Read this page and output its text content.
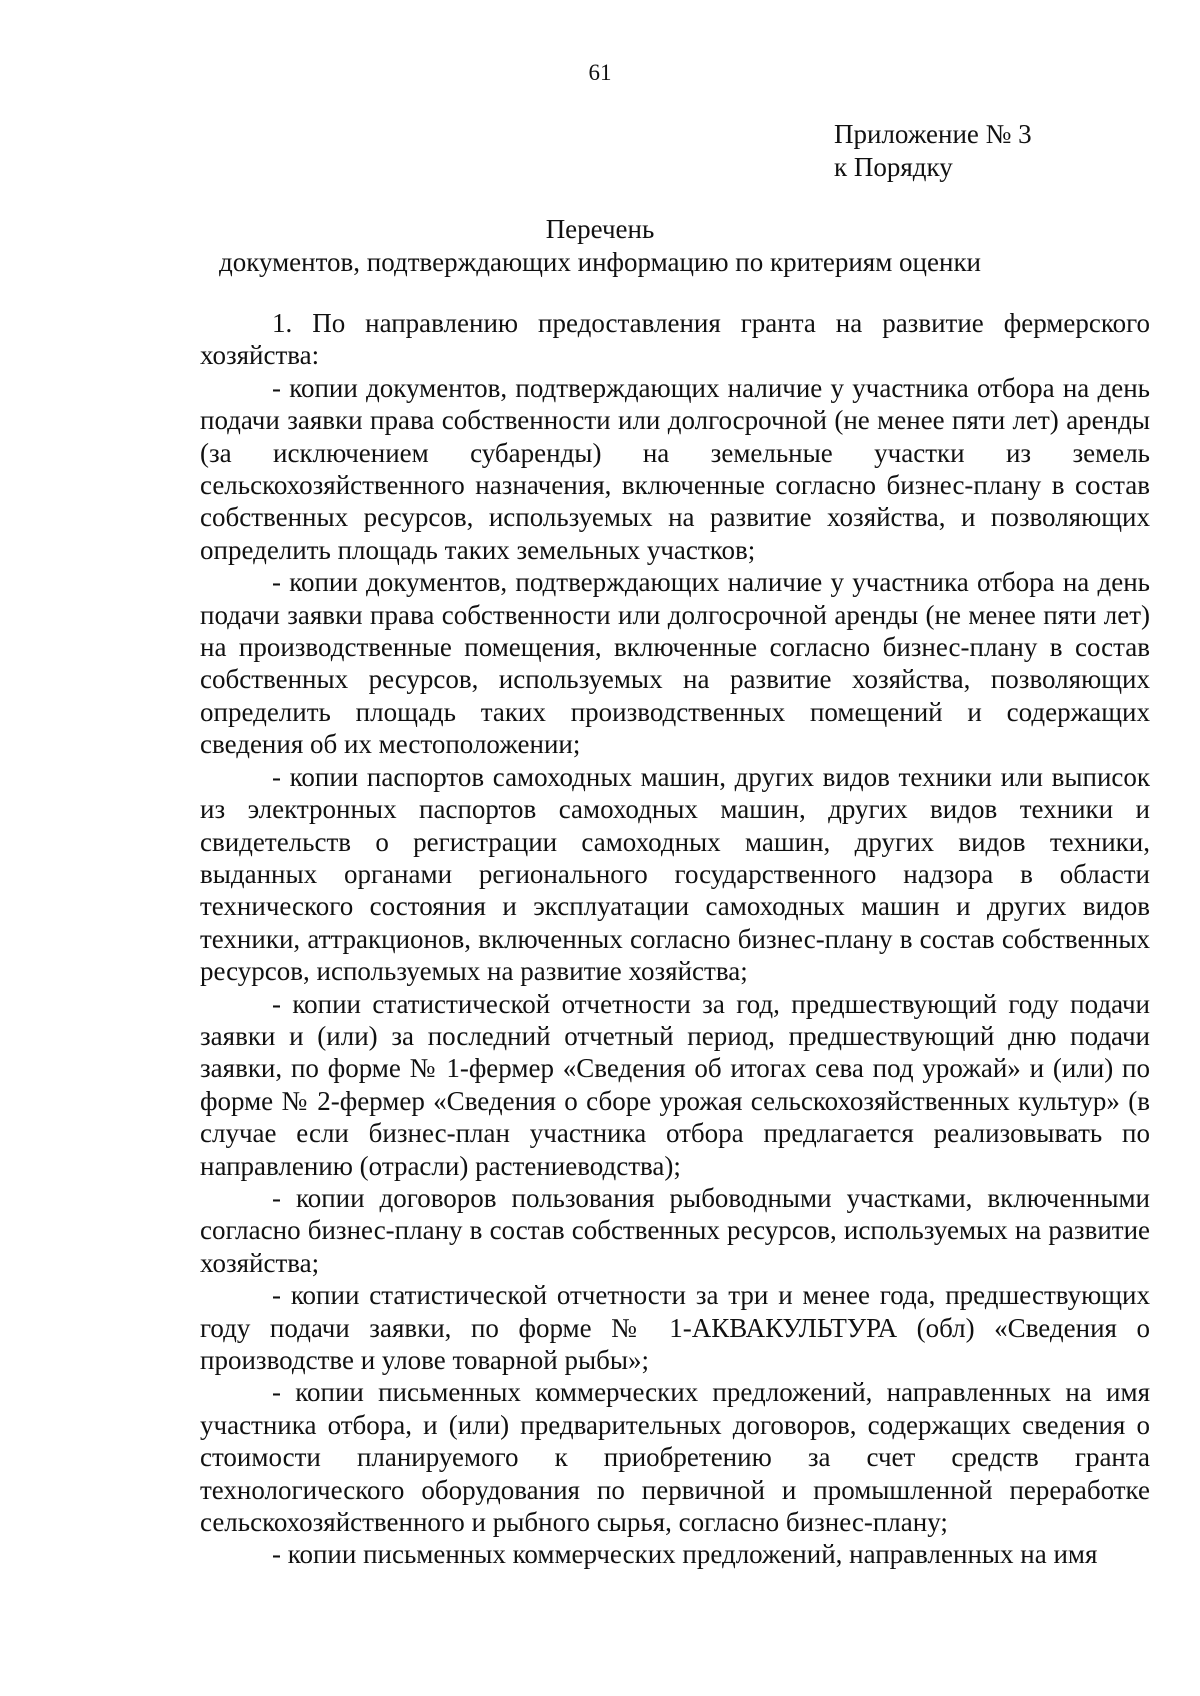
61
Приложение № 3
к Порядку
Перечень
документов, подтверждающих информацию по критериям оценки

1. По направлению предоставления гранта на развитие фермерского хозяйства:

- копии документов, подтверждающих наличие у участника отбора на день подачи заявки права собственности или долгосрочной (не менее пяти лет) аренды (за исключением субаренды) на земельные участки из земель сельскохозяйственного назначения, включенные согласно бизнес-плану в состав собственных ресурсов, используемых на развитие хозяйства, и позволяющих определить площадь таких земельных участков;

- копии документов, подтверждающих наличие у участника отбора на день подачи заявки права собственности или долгосрочной аренды (не менее пяти лет) на производственные помещения, включенные согласно бизнес-плану в состав собственных ресурсов, используемых на развитие хозяйства, позволяющих определить площадь таких производственных помещений и содержащих сведения об их местоположении;

- копии паспортов самоходных машин, других видов техники или выписок из электронных паспортов самоходных машин, других видов техники и свидетельств о регистрации самоходных машин, других видов техники, выданных органами регионального государственного надзора в области технического состояния и эксплуатации самоходных машин и других видов техники, аттракционов, включенных согласно бизнес-плану в состав собственных ресурсов, используемых на развитие хозяйства;

- копии статистической отчетности за год, предшествующий году подачи заявки и (или) за последний отчетный период, предшествующий дню подачи заявки, по форме № 1-фермер «Сведения об итогах сева под урожай» и (или) по форме № 2-фермер «Сведения о сборе урожая сельскохозяйственных культур» (в случае если бизнес-план участника отбора предлагается реализовывать по направлению (отрасли) растениеводства);

- копии договоров пользования рыбоводными участками, включенными согласно бизнес-плану в состав собственных ресурсов, используемых на развитие хозяйства;

- копии статистической отчетности за три и менее года, предшествующих году подачи заявки, по форме № 1-АКВАКУЛЬТУРА (обл) «Сведения о производстве и улове товарной рыбы»;

- копии письменных коммерческих предложений, направленных на имя участника отбора, и (или) предварительных договоров, содержащих сведения о стоимости планируемого к приобретению за счет средств гранта технологического оборудования по первичной и промышленной переработке сельскохозяйственного и рыбного сырья, согласно бизнес-плану;

- копии письменных коммерческих предложений, направленных на имя
